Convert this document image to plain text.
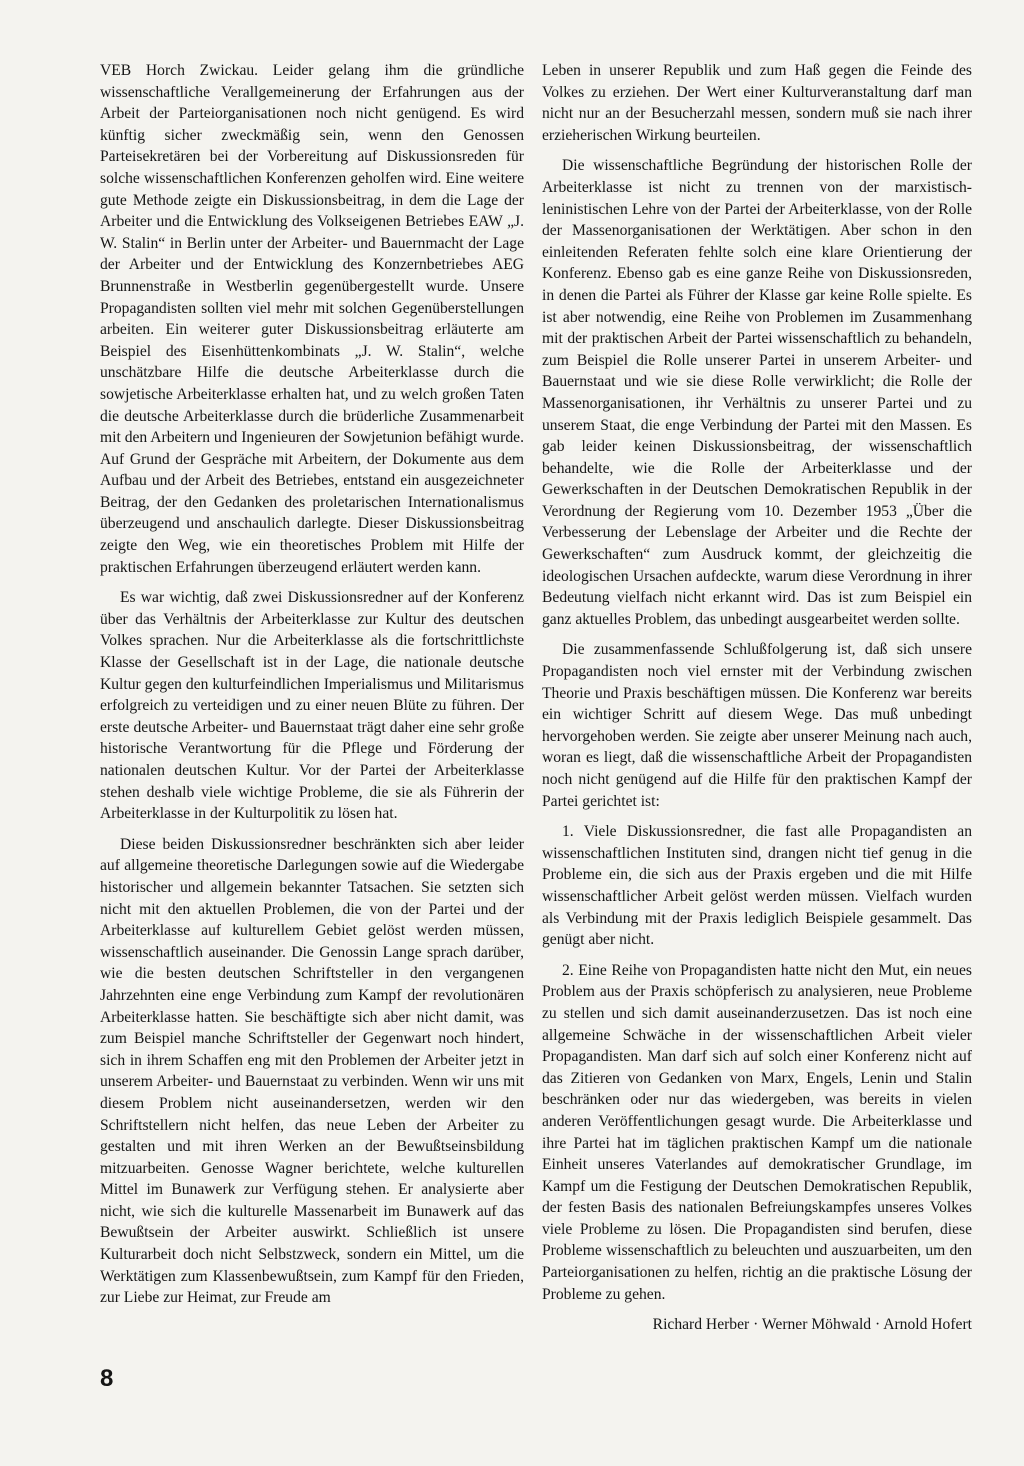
VEB Horch Zwickau. Leider gelang ihm die gründliche wissenschaftliche Verallgemeinerung der Erfahrungen aus der Arbeit der Parteiorganisationen noch nicht genügend. Es wird künftig sicher zweckmäßig sein, wenn den Genossen Parteisekretären bei der Vorbereitung auf Diskussionsreden für solche wissenschaftlichen Konferenzen geholfen wird. Eine weitere gute Methode zeigte ein Diskussionsbeitrag, in dem die Lage der Arbeiter und die Entwicklung des Volkseigenen Betriebes EAW „J. W. Stalin“ in Berlin unter der Arbeiter- und Bauernmacht der Lage der Arbeiter und der Entwicklung des Konzernbetriebes AEG Brunnenstraße in Westberlin gegenübergestellt wurde. Unsere Propagandisten sollten viel mehr mit solchen Gegenüberstellungen arbeiten. Ein weiterer guter Diskussionsbeitrag erläuterte am Beispiel des Eisenhüttenkombinats „J. W. Stalin“, welche unschätzbare Hilfe die deutsche Arbeiterklasse durch die sowjetische Arbeiterklasse erhalten hat, und zu welch großen Taten die deutsche Arbeiterklasse durch die brüderliche Zusammenarbeit mit den Arbeitern und Ingenieuren der Sowjetunion befähigt wurde. Auf Grund der Gespräche mit Arbeitern, der Dokumente aus dem Aufbau und der Arbeit des Betriebes, entstand ein ausgezeichneter Beitrag, der den Gedanken des proletarischen Internationalismus überzeugend und anschaulich darlegte. Dieser Diskussionsbeitrag zeigte den Weg, wie ein theoretisches Problem mit Hilfe der praktischen Erfahrungen überzeugend erläutert werden kann.

Es war wichtig, daß zwei Diskussionsredner auf der Konferenz über das Verhältnis der Arbeiterklasse zur Kultur des deutschen Volkes sprachen. Nur die Arbeiterklasse als die fortschrittlichste Klasse der Gesellschaft ist in der Lage, die nationale deutsche Kultur gegen den kulturfeindlichen Imperialismus und Militarismus erfolgreich zu verteidigen und zu einer neuen Blüte zu führen. Der erste deutsche Arbeiter- und Bauernstaat trägt daher eine sehr große historische Verantwortung für die Pflege und Förderung der nationalen deutschen Kultur. Vor der Partei der Arbeiterklasse stehen deshalb viele wichtige Probleme, die sie als Führerin der Arbeiterklasse in der Kulturpolitik zu lösen hat.

Diese beiden Diskussionsredner beschränkten sich aber leider auf allgemeine theoretische Darlegungen sowie auf die Wiedergabe historischer und allgemein bekannter Tatsachen. Sie setzten sich nicht mit den aktuellen Problemen, die von der Partei und der Arbeiterklasse auf kulturellem Gebiet gelöst werden müssen, wissenschaftlich auseinander. Die Genossin Lange sprach darüber, wie die besten deutschen Schriftsteller in den vergangenen Jahrzehnten eine enge Verbindung zum Kampf der revolutionären Arbeiterklasse hatten. Sie beschäftigte sich aber nicht damit, was zum Beispiel manche Schriftsteller der Gegenwart noch hindert, sich in ihrem Schaffen eng mit den Problemen der Arbeiter jetzt in unserem Arbeiter- und Bauernstaat zu verbinden. Wenn wir uns mit diesem Problem nicht auseinandersetzen, werden wir den Schriftstellern nicht helfen, das neue Leben der Arbeiter zu gestalten und mit ihren Werken an der Bewußtseinsbildung mitzuarbeiten. Genosse Wagner berichtete, welche kulturellen Mittel im Bunawerk zur Verfügung stehen. Er analysierte aber nicht, wie sich die kulturelle Massenarbeit im Bunawerk auf das Bewußtsein der Arbeiter auswirkt. Schließlich ist unsere Kulturarbeit doch nicht Selbstzweck, sondern ein Mittel, um die Werktätigen zum Klassenbewußtsein, zum Kampf für den Frieden, zur Liebe zur Heimat, zur Freude am

Leben in unserer Republik und zum Haß gegen die Feinde des Volkes zu erziehen. Der Wert einer Kulturveranstaltung darf man nicht nur an der Besucherzahl messen, sondern muß sie nach ihrer erzieherischen Wirkung beurteilen.

Die wissenschaftliche Begründung der historischen Rolle der Arbeiterklasse ist nicht zu trennen von der marxistisch-leninistischen Lehre von der Partei der Arbeiterklasse, von der Rolle der Massenorganisationen der Werktätigen. Aber schon in den einleitenden Referaten fehlte solch eine klare Orientierung der Konferenz. Ebenso gab es eine ganze Reihe von Diskussionsreden, in denen die Partei als Führer der Klasse gar keine Rolle spielte. Es ist aber notwendig, eine Reihe von Problemen im Zusammenhang mit der praktischen Arbeit der Partei wissenschaftlich zu behandeln, zum Beispiel die Rolle unserer Partei in unserem Arbeiter- und Bauernstaat und wie sie diese Rolle verwirklicht; die Rolle der Massenorganisationen, ihr Verhältnis zu unserer Partei und zu unserem Staat, die enge Verbindung der Partei mit den Massen. Es gab leider keinen Diskussionsbeitrag, der wissenschaftlich behandelte, wie die Rolle der Arbeiterklasse und der Gewerkschaften in der Deutschen Demokratischen Republik in der Verordnung der Regierung vom 10. Dezember 1953 „Über die Verbesserung der Lebenslage der Arbeiter und die Rechte der Gewerkschaften“ zum Ausdruck kommt, der gleichzeitig die ideologischen Ursachen aufdeckte, warum diese Verordnung in ihrer Bedeutung vielfach nicht erkannt wird. Das ist zum Beispiel ein ganz aktuelles Problem, das unbedingt ausgearbeitet werden sollte.

Die zusammenfassende Schlußfolgerung ist, daß sich unsere Propagandisten noch viel ernster mit der Verbindung zwischen Theorie und Praxis beschäftigen müssen. Die Konferenz war bereits ein wichtiger Schritt auf diesem Wege. Das muß unbedingt hervorgehoben werden. Sie zeigte aber unserer Meinung nach auch, woran es liegt, daß die wissenschaftliche Arbeit der Propagandisten noch nicht genügend auf die Hilfe für den praktischen Kampf der Partei gerichtet ist:

1. Viele Diskussionsredner, die fast alle Propagandisten an wissenschaftlichen Instituten sind, drangen nicht tief genug in die Probleme ein, die sich aus der Praxis ergeben und die mit Hilfe wissenschaftlicher Arbeit gelöst werden müssen. Vielfach wurden als Verbindung mit der Praxis lediglich Beispiele gesammelt. Das genügt aber nicht.

2. Eine Reihe von Propagandisten hatte nicht den Mut, ein neues Problem aus der Praxis schöpferisch zu analysieren, neue Probleme zu stellen und sich damit auseinanderzusetzen. Das ist noch eine allgemeine Schwäche in der wissenschaftlichen Arbeit vieler Propagandisten. Man darf sich auf solch einer Konferenz nicht auf das Zitieren von Gedanken von Marx, Engels, Lenin und Stalin beschränken oder nur das wiedergeben, was bereits in vielen anderen Veröffentlichungen gesagt wurde. Die Arbeiterklasse und ihre Partei hat im täglichen praktischen Kampf um die nationale Einheit unseres Vaterlandes auf demokratischer Grundlage, im Kampf um die Festigung der Deutschen Demokratischen Republik, der festen Basis des nationalen Befreiungskampfes unseres Volkes viele Probleme zu lösen. Die Propagandisten sind berufen, diese Probleme wissenschaftlich zu beleuchten und auszuarbeiten, um den Parteiorganisationen zu helfen, richtig an die praktische Lösung der Probleme zu gehen.

Richard Herber · Werner Möhwald · Arnold Hofert
8
